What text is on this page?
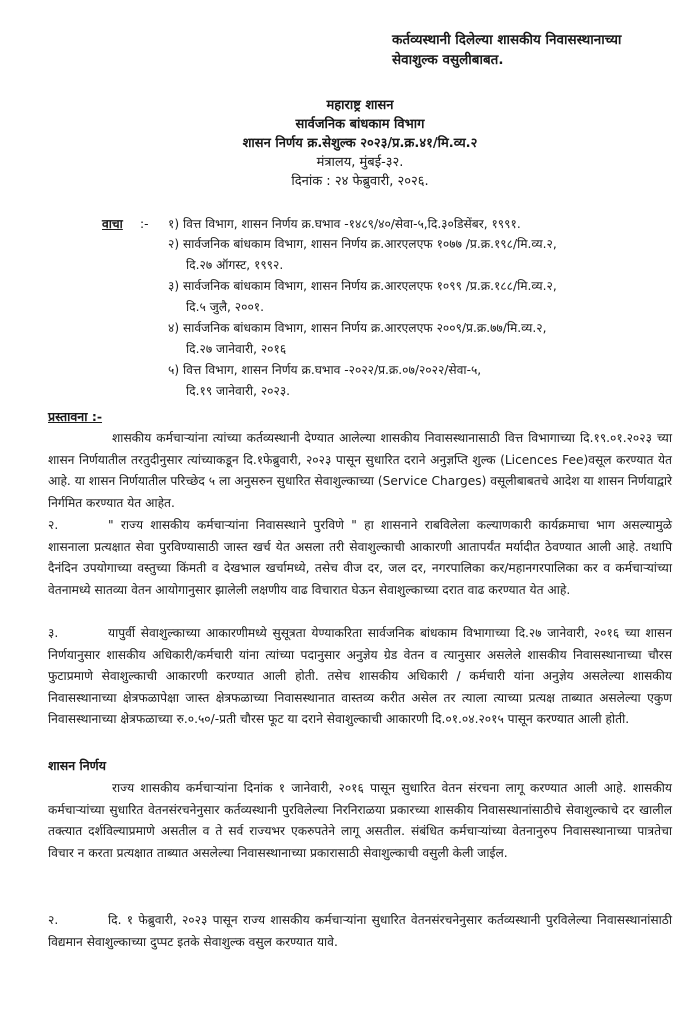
कर्तव्यस्थानी दिलेल्या शासकीय निवासस्थानाच्या
सेवाशुल्क वसुलीबाबत.
महाराष्ट्र शासन
सार्वजनिक बांधकाम विभाग
शासन निर्णय क्र.सेशुल्क २०२३/प्र.क्र.४१/मि.व्य.२
मंत्रालय, मुंबई-३२.
दिनांक : २४ फेब्रुवारी, २०२६.
वाचा :- १) वित्त विभाग, शासन निर्णय क्र.घभाव -१४८९/४०/सेवा-५,दि.३०डिसेंबर, १९९१.
२) सार्वजनिक बांधकाम विभाग, शासन निर्णय क्र.आरएलएफ १०७७ /प्र.क्र.१९८/मि.व्य.२,
दि.२७ ऑगस्ट, १९९२.
३) सार्वजनिक बांधकाम विभाग, शासन निर्णय क्र.आरएलएफ १०९९ /प्र.क्र.१८८/मि.व्य.२,
दि.५ जुलै, २००१.
४) सार्वजनिक बांधकाम विभाग, शासन निर्णय क्र.आरएलएफ २००९/प्र.क्र.७७/मि.व्य.२,
दि.२७ जानेवारी, २०१६
५) वित्त विभाग, शासन निर्णय क्र.घभाव -२०२२/प्र.क्र.०७/२०२२/सेवा-५,
दि.१९ जानेवारी, २०२३.
प्रस्तावना :-
शासकीय कर्मचाऱ्यांना त्यांच्या कर्तव्यस्थानी देण्यात आलेल्या शासकीय निवासस्थानासाठी वित्त विभागाच्या दि.१९.०१.२०२३ च्या शासन निर्णयातील तरतुदीनुसार त्यांच्याकडून दि.१फेब्रुवारी, २०२३ पासून सुधारित दराने अनुज्ञप्ति शुल्क (Licences Fee)वसूल करण्यात येत आहे. या शासन निर्णयातील परिच्छेद ५ ला अनुसरुन सुधारित सेवाशुल्काच्या (Service Charges) वसूलीबाबतचे आदेश या शासन निर्णयाद्वारे निर्गमित करण्यात येत आहेत.
२.	" राज्य शासकीय कर्मचाऱ्यांना निवासस्थाने पुरविणे " हा शासनाने राबविलेला कल्याणकारी कार्यक्रमाचा भाग असल्यामुळे शासनाला प्रत्यक्षात सेवा पुरविण्यासाठी जास्त खर्च येत असला तरी सेवाशुल्काची आकारणी आतापर्यंत मर्यादीत ठेवण्यात आली आहे. तथापि दैनंदिन उपयोगाच्या वस्तुच्या किंमती व देखभाल खर्चामध्ये, तसेच वीज दर, जल दर, नगरपालिका कर/महानगरपालिका कर व कर्मचाऱ्यांच्या वेतनामध्ये सातव्या वेतन आयोगानुसार झालेली लक्षणीय वाढ विचारात घेऊन सेवाशुल्काच्या दरात वाढ करण्यात येत आहे.
३.	यापुर्वी सेवाशुल्काच्या आकारणीमध्ये सुसूत्रता येण्याकरिता सार्वजनिक बांधकाम विभागाच्या दि.२७ जानेवारी, २०१६ च्या शासन निर्णयानुसार शासकीय अधिकारी/कर्मचारी यांना त्यांच्या पदानुसार अनुज्ञेय ग्रेड वेतन व त्यानुसार असलेले शासकीय निवासस्थानाच्या चौरस फुटाप्रमाणे सेवाशुल्काची आकारणी करण्यात आली होती. तसेच शासकीय अधिकारी / कर्मचारी यांना अनुज्ञेय असलेल्या शासकीय निवासस्थानाच्या क्षेत्रफळापेक्षा जास्त क्षेत्रफळाच्या निवासस्थानात वास्तव्य करीत असेल तर त्याला त्याच्या प्रत्यक्ष ताब्यात असलेल्या एकुण निवासस्थानाच्या क्षेत्रफळाच्या रु.०.५०/-प्रती चौरस फूट या दराने सेवाशुल्काची आकारणी दि.०१.०४.२०१५ पासून करण्यात आली होती.
शासन निर्णय
राज्य शासकीय कर्मचाऱ्यांना दिनांक १ जानेवारी, २०१६ पासून सुधारित वेतन संरचना लागू करण्यात आली आहे. शासकीय कर्मचाऱ्यांच्या सुधारित वेतनसंरचनेनुसार कर्तव्यस्थानी पुरविलेल्या निरनिराळया प्रकारच्या शासकीय निवासस्थानांसाठीचे सेवाशुल्काचे दर खालील तक्त्यात दर्शविल्याप्रमाणे असतील व ते सर्व राज्यभर एकरुपतेने लागू असतील. संबंधित कर्मचाऱ्यांच्या वेतनानुरुप निवासस्थानाच्या पात्रतेचा विचार न करता प्रत्यक्षात ताब्यात असलेल्या निवासस्थानाच्या प्रकारासाठी सेवाशुल्काची वसुली केली जाईल.
२.	दि. १ फेब्रुवारी, २०२३ पासून राज्य शासकीय कर्मचाऱ्यांना सुधारित वेतनसंरचनेनुसार कर्तव्यस्थानी पुरविलेल्या निवासस्थानांसाठी विद्यमान सेवाशुल्काच्या दुप्पट इतके सेवाशुल्क वसुल करण्यात यावे.
